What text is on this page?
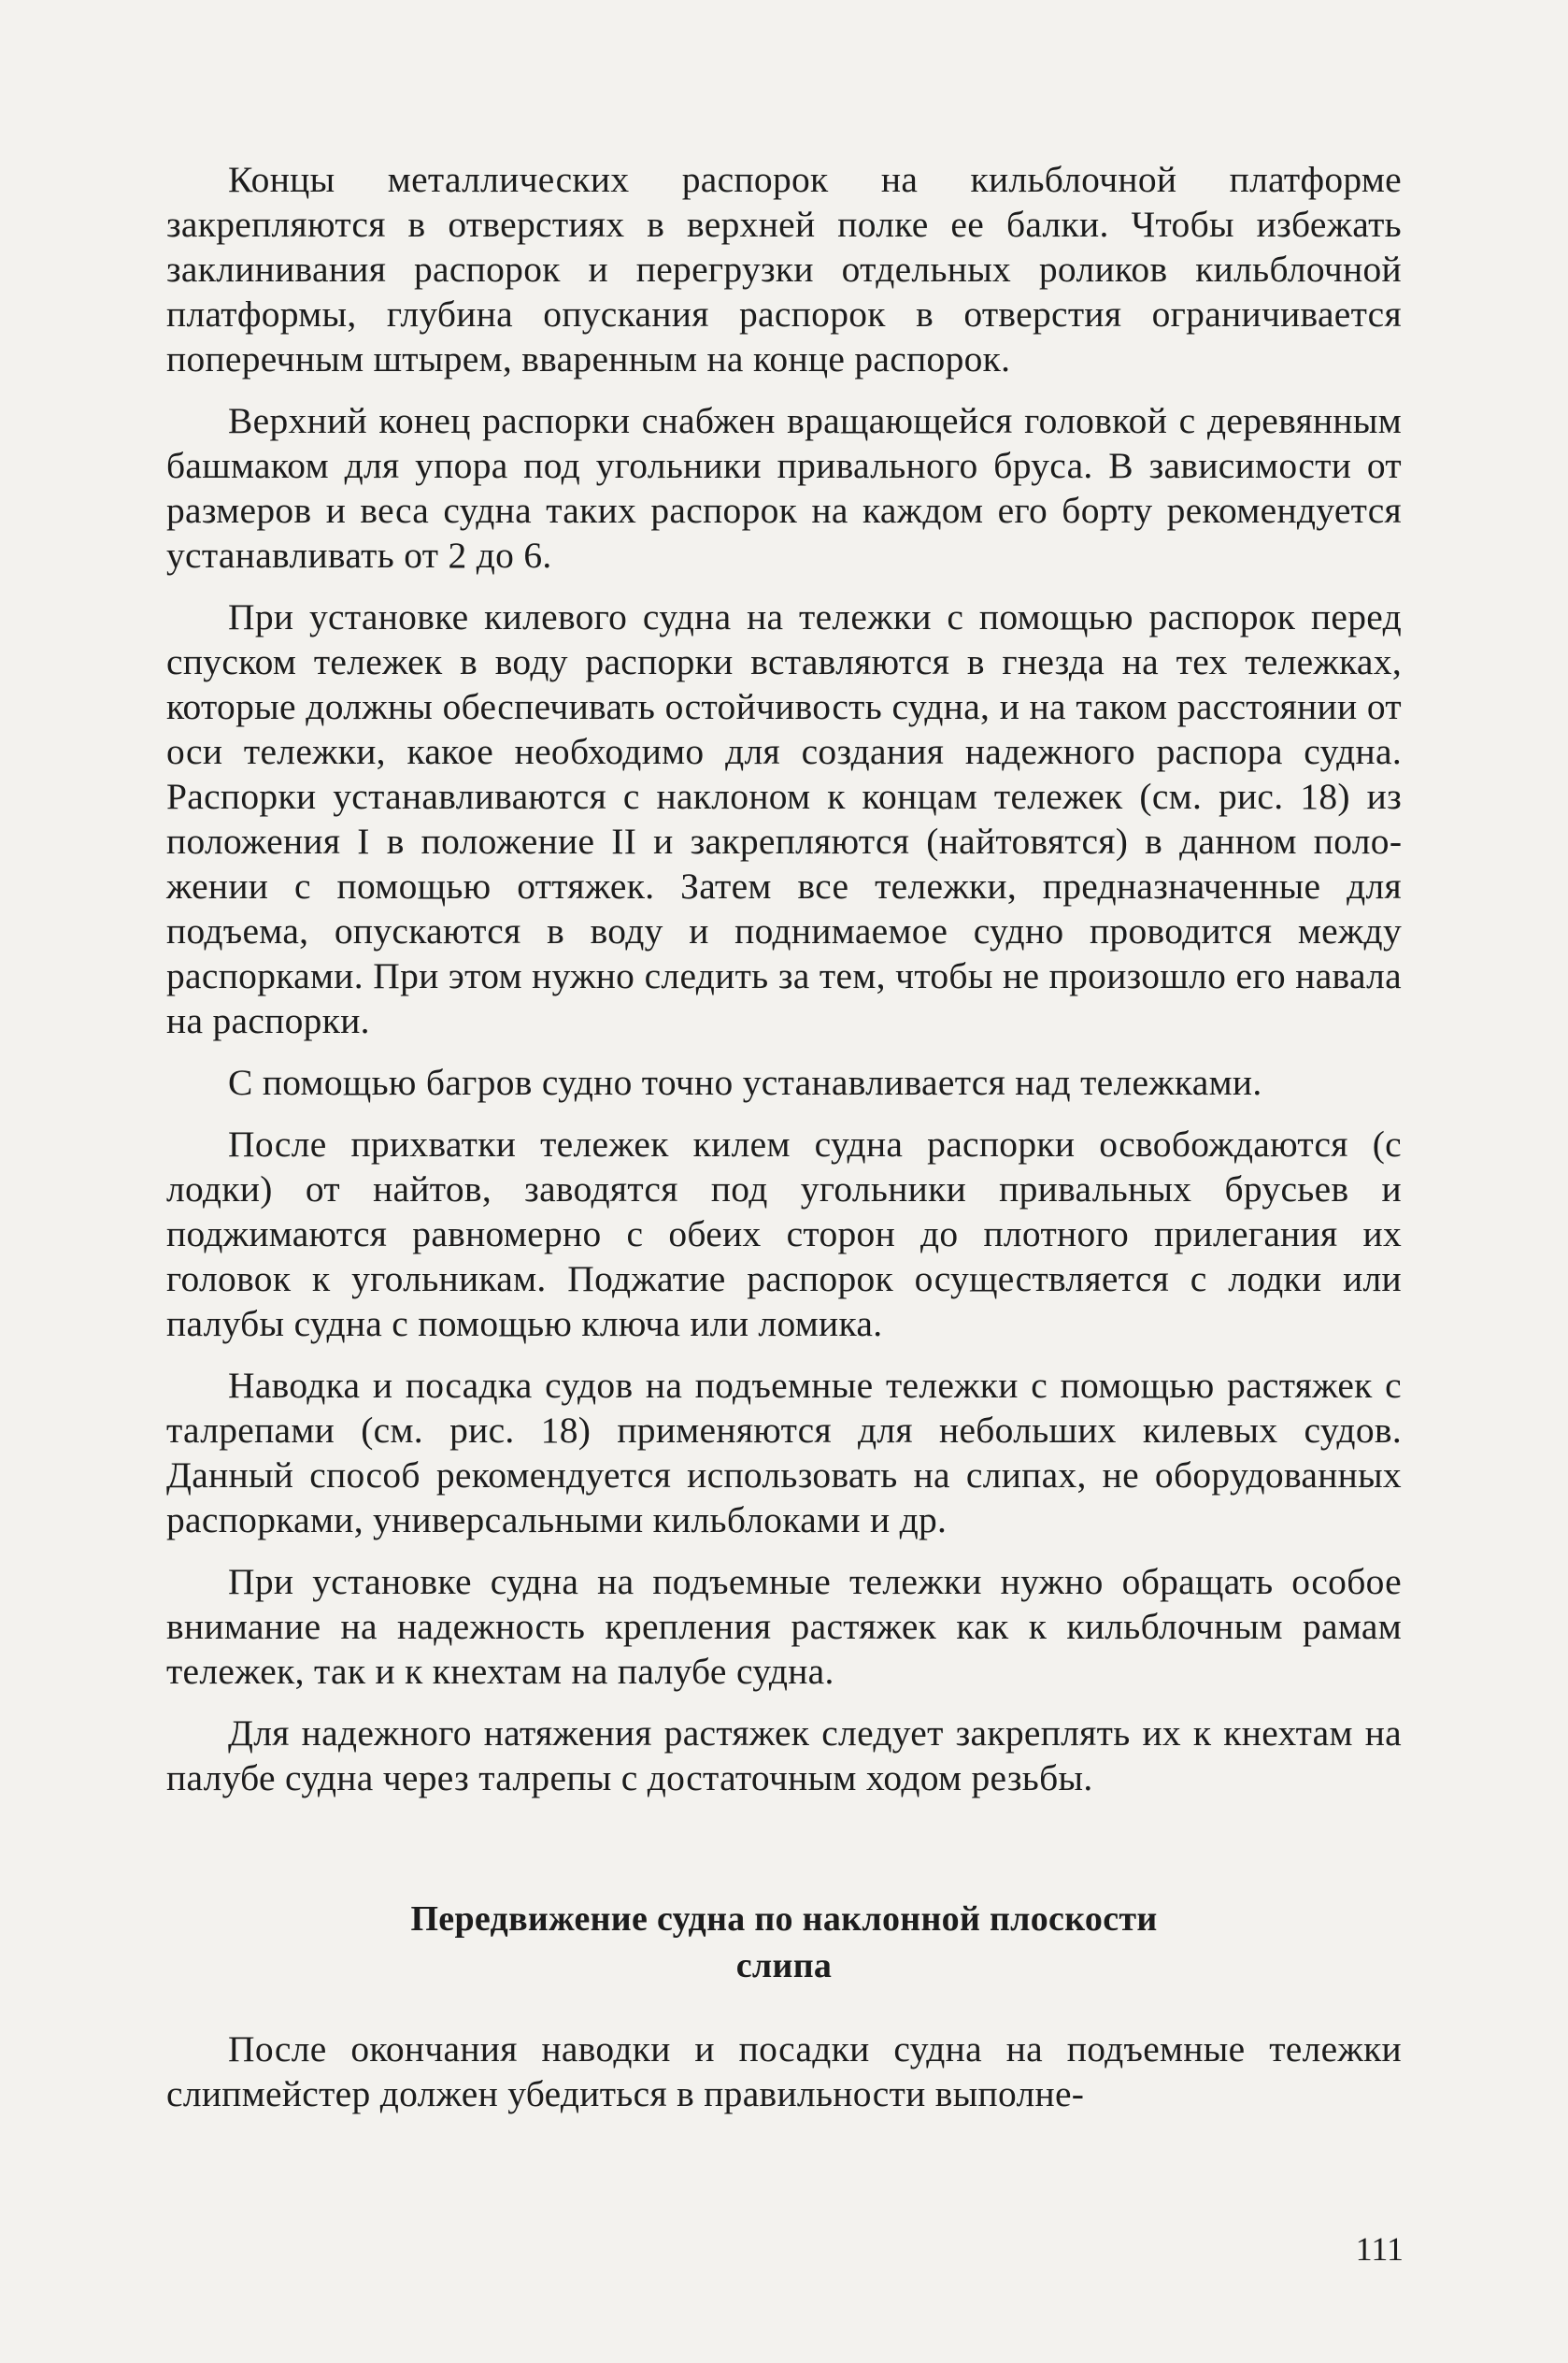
Концы металлических распорок на кильблочной платформе закрепляются в отверстиях в верхней полке ее балки. Чтобы избежать заклинивания распорок и перегрузки отдельных роликов кильблочной платформы, глубина опускания распорок в отверстия ограничивается поперечным штырем, вваренным на конце распорок.

Верхний конец распорки снабжен вращающейся головкой с деревянным башмаком для упора под угольники привального бруса. В зависимости от размеров и веса судна таких распорок на каждом его борту рекомендуется устанавливать от 2 до 6.

При установке килевого судна на тележки с помощью распорок перед спуском тележек в воду распорки вставляются в гнезда на тех тележках, которые должны обеспечивать остойчивость судна, и на таком расстоянии от оси тележки, какое необходимо для создания надежного распора судна. Распорки устанавливаются с наклоном к концам тележек (см. рис. 18) из положения I в положение II и закрепляются (найтовятся) в данном положении с помощью оттяжек. Затем все тележки, предназначенные для подъема, опускаются в воду и поднимаемое судно проводится между распорками. При этом нужно следить за тем, чтобы не произошло его навала на распорки.

С помощью багров судно точно устанавливается над тележками.

После прихватки тележек килем судна распорки освобождаются (с лодки) от найтов, заводятся под угольники привальных брусьев и поджимаются равномерно с обеих сторон до плотного прилегания их головок к угольникам. Поджатие распорок осуществляется с лодки или палубы судна с помощью ключа или ломика.

Наводка и посадка судов на подъемные тележки с помощью растяжек с талрепами (см. рис. 18) применяются для небольших килевых судов. Данный способ рекомендуется использовать на слипах, не оборудованных распорками, универсальными кильблоками и др.

При установке судна на подъемные тележки нужно обращать особое внимание на надежность крепления растяжек как к кильблочным рамам тележек, так и к кнехтам на палубе судна.

Для надежного натяжения растяжек следует закреплять их к кнехтам на палубе судна через талрепы с достаточным ходом резьбы.

Передвижение судна по наклонной плоскости
слипа

После окончания наводки и посадки судна на подъемные тележки слипмейстер должен убедиться в правильности выполне-

111
